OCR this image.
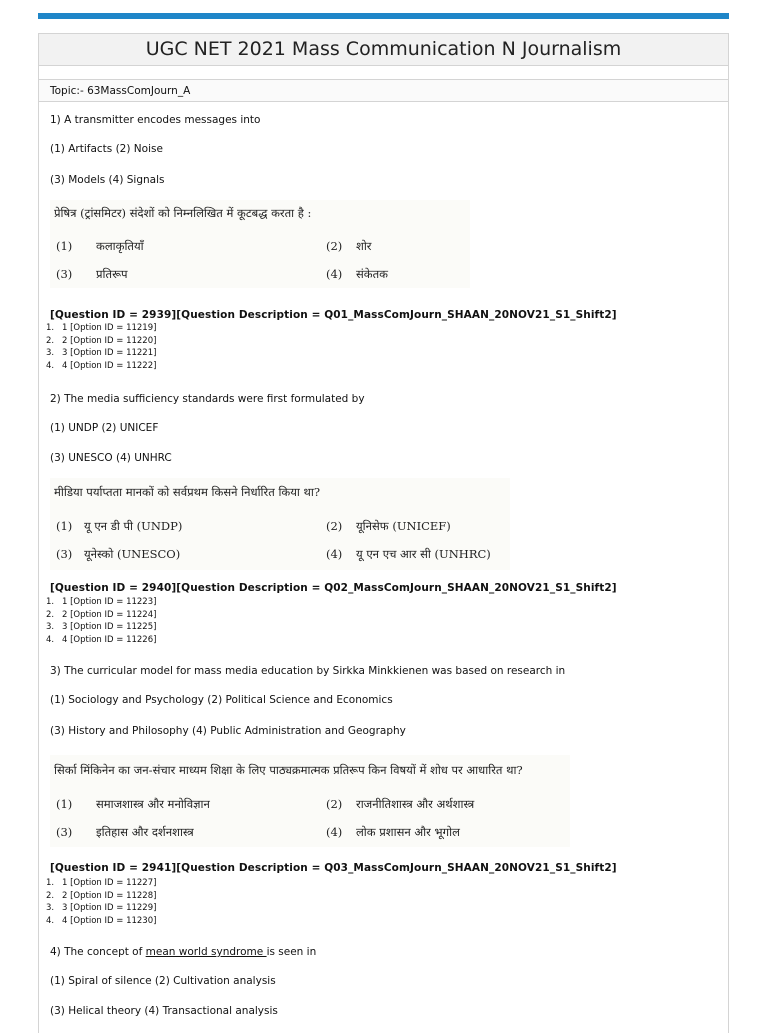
UGC NET 2021 Mass Communication N Journalism
Topic:- 63MassComJourn_A
1) A transmitter encodes messages into
(1) Artifacts (2) Noise
(3) Models (4) Signals
प्रेषित्र (ट्रांसमिटर) संदेशों को निम्नलिखित में कूटबद्ध करता है :
(1) कलाकृतियाँ	(2) शोर
(3) प्रतिरूप	(4) संकेतक
[Question ID = 2939][Question Description = Q01_MassComJourn_SHAAN_20NOV21_S1_Shift2]
1. 1 [Option ID = 11219]
2. 2 [Option ID = 11220]
3. 3 [Option ID = 11221]
4. 4 [Option ID = 11222]
2) The media sufficiency standards were first formulated by
(1) UNDP (2) UNICEF
(3) UNESCO (4) UNHRC
मीडिया पर्याप्तता मानकों को सर्वप्रथम किसने निर्धारित किया था?
(1) यू एन डी पी (UNDP)	(2) यूनिसेफ (UNICEF)
(3) यूनेस्को (UNESCO)	(4) यू एन एच आर सी (UNHRC)
[Question ID = 2940][Question Description = Q02_MassComJourn_SHAAN_20NOV21_S1_Shift2]
1. 1 [Option ID = 11223]
2. 2 [Option ID = 11224]
3. 3 [Option ID = 11225]
4. 4 [Option ID = 11226]
3) The curricular model for mass media education by Sirkka Minkkienen was based on research in
(1) Sociology and Psychology (2) Political Science and Economics
(3) History and Philosophy (4) Public Administration and Geography
सिर्का मिंकिनेन का जन-संचार माध्यम शिक्षा के लिए पाठ्यक्रमात्मक प्रतिरूप किन विषयों में शोध पर आधारित था?
(1) समाजशास्त्र और मनोविज्ञान	(2) राजनीतिशास्त्र और अर्थशास्त्र
(3) इतिहास और दर्शनशास्त्र	(4) लोक प्रशासन और भूगोल
[Question ID = 2941][Question Description = Q03_MassComJourn_SHAAN_20NOV21_S1_Shift2]
1. 1 [Option ID = 11227]
2. 2 [Option ID = 11228]
3. 3 [Option ID = 11229]
4. 4 [Option ID = 11230]
4) The concept of mean world syndrome is seen in
(1) Spiral of silence (2) Cultivation analysis
(3) Helical theory (4) Transactional analysis
